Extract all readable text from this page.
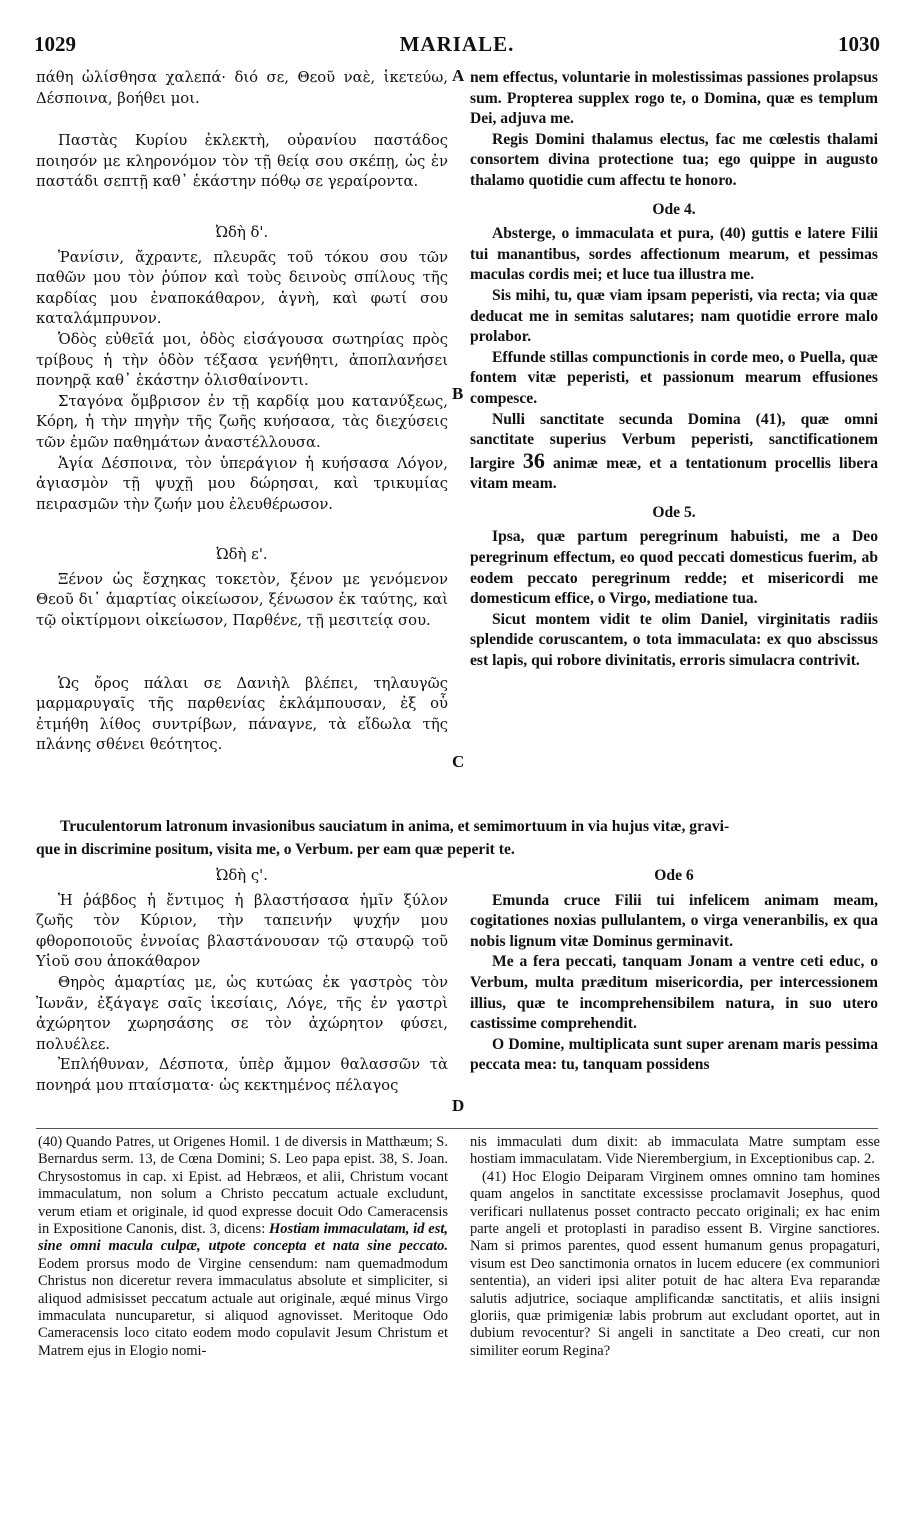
1029	MARIALE.	1030

πάθη ὠλίσθησα χαλεπά· διό σε, Θεοῦ ναὲ, ἱκετεύω, Δέσποινα, βοήθει μοι.

Παστὰς Κυρίου ἐκλεκτὴ, οὐρανίου παστάδος ποιησόν με κληρονόμον τὸν τῇ θείᾳ σου σκέπῃ, ὡς ἐν παστάδι σεπτῇ καθ᾽ ἑκάστην πόθῳ σε γεραίροντα.

Ὠδὴ δ'.

Ῥανίσιν, ἄχραντε, πλευρᾶς τοῦ τόκου σου τῶν παθῶν μου τὸν ῥύπον καὶ τοὺς δεινοὺς σπίλους τῆς καρδίας μου ἐναποκάθαρον, ἁγνὴ, καὶ φωτί σου καταλάμπρυνον.

Ὁδὸς εὐθεῖά μοι, ὁδὸς εἰσάγουσα σωτηρίας πρὸς τρίβους ἡ τὴν ὁδὸν τέξασα γενήθητι, ἀποπλανήσει πονηρᾷ καθ᾽ ἑκάστην ὀλισθαίνοντι.

Σταγόνα ὄμβρισον ἐν τῇ καρδίᾳ μου κατανύξεως, Κόρη, ἡ τὴν πηγὴν τῆς ζωῆς κυήσασα, τὰς διεχύσεις τῶν ἐμῶν παθημάτων ἀναστέλλουσα.

Ἁγία Δέσποινα, τὸν ὑπεράγιον ἡ κυήσασα Λόγον, ἁγιασμὸν τῇ ψυχῇ μου δώρησαι, καὶ τρικυμίας πειρασμῶν τὴν ζωήν μου ἐλευθέρωσον.

Ὠδὴ ε'.

Ξένον ὡς ἔσχηκας τοκετὸν, ξένον με γενόμενον Θεοῦ δι᾽ ἁμαρτίας οἰκείωσον, ξένωσον ἐκ ταύτης, καὶ τῷ οἰκτίρμονι οἰκείωσον, Παρθένε, τῇ μεσιτείᾳ σου.

Ὡς ὄρος πάλαι σε Δανιὴλ βλέπει, τηλαυγῶς μαρμαρυγαῖς τῆς παρθενίας ἐκλάμπουσαν, ἐξ οὗ ἐτμήθη λίθος συντρίβων, πάναγνε, τὰ εἴδωλα τῆς πλάνης σθένει θεότητος.

nem effectus, voluntarie in molestissimas passiones prolapsus sum. Propterea supplex rogo te, o Domina, quæ es templum Dei, adjuva me.

Regis Domini thalamus electus, fac me cœlestis thalami consortem divina protectione tua; ego quippe in augusto thalamo quotidie cum affectu te honoro.

Ode 4.

Absterge, o immaculata et pura, (40) guttis e latere Filii tui manantibus, sordes affectionum mearum, et pessimas maculas cordis mei; et luce tua illustra me.

Sis mihi, tu, quæ viam ipsam peperisti, via recta; via quæ deducat me in semitas salutares; nam quotidie errore malo prolabor.

Effunde stillas compunctionis in corde meo, o Puella, quæ fontem vitæ peperisti, et passionum mearum effusiones compesce.

Nulli sanctitate secunda Domina (41), quæ omni sanctitate superius Verbum peperisti, sanctificationem largire 36 animæ meæ, et a tentationum procellis libera vitam meam.

Ode 5.

Ipsa, quæ partum peregrinum habuisti, me a Deo peregrinum effectum, eo quod peccati domesticus fuerim, ab eodem peccato peregrinum redde; et misericordi me domesticum effice, o Virgo, mediatione tua.

Sicut montem vidit te olim Daniel, virginitatis radiis splendide coruscantem, o tota immaculata: ex quo abscissus est lapis, qui robore divinitatis, erroris simulacra contrivit.

Truculentorum latronum invasionibus sauciatum in anima, et semimortuum in via hujus vitæ, gravi-
que in discrimine positum, visita me, o Verbum. per eam quæ peperit te.

Ὠδὴ ς'.

Ἡ ῥάβδος ἡ ἔντιμος ἡ βλαστήσασα ἡμῖν ξύλον ζωῆς τὸν Κύριον, τὴν ταπεινήν ψυχήν μου φθοροποιοῦς ἐννοίας βλαστάνουσαν τῷ σταυρῷ τοῦ Υἱοῦ σου ἀποκάθαρον

Θηρὸς ἁμαρτίας με, ὡς κυτώας ἐκ γαστρὸς τὸν Ἰωνᾶν, ἐξάγαγε σαῖς ἱκεσίαις, Λόγε, τῆς ἐν γαστρὶ ἀχώρητον χωρησάσης σε τὸν ἀχώρητον φύσει, πολυέλεε.

Ἐπλήθυναν, Δέσποτα, ὑπὲρ ἄμμον θαλασσῶν τὰ πονηρά μου πταίσματα· ὡς κεκτημένος πέλαγος

Ode 6

Emunda cruce Filii tui infelicem animam meam, cogitationes noxias pullulantem, o virga veneranbilis, ex qua nobis lignum vitæ Dominus germinavit.

Me a fera peccati, tanquam Jonam a ventre ceti educ, o Verbum, multa præditum misericordia, per intercessionem illius, quæ te incomprehensibilem natura, in suo utero castissime comprehendit.

O Domine, multiplicata sunt super arenam maris pessima peccata mea: tu, tanquam possidens

A
B
C
D

(40) Quando Patres, ut Origenes Homil. 1 de diversis in Matthæum; S. Bernardus serm. 13, de Cœna Domini; S. Leo papa epist. 38, S. Joan. Chrysostomus in cap. xi Epist. ad Hebræos, et alii, Christum vocant immaculatum, non solum a Christo peccatum actuale excludunt, verum etiam et originale, id quod expresse docuit Odo Cameracensis in Expositione Canonis, dist. 3, dicens: Hostiam immaculatam, id est, sine omni macula culpæ, utpote concepta et nata sine peccato. Eodem prorsus modo de Virgine censendum: nam quemadmodum Christus non diceretur revera immaculatus absolute et simpliciter, si aliquod admisisset peccatum actuale aut originale, æqué minus Virgo immaculata nuncuparetur, si aliquod agnovisset. Meritoque Odo Cameracensis loco citato eodem modo copulavit Jesum Christum et Matrem ejus in Elogio nomi-

nis immaculati dum dixit: ab immaculata Matre sumptam esse hostiam immaculatam. Vide Nierembergium, in Exceptionibus cap. 2.

(41) Hoc Elogio Deiparam Virginem omnes omnino tam homines quam angelos in sanctitate excessisse proclamavit Josephus, quod verificari nullatenus posset contracto peccato originali; ex hac enim parte angeli et protoplasti in paradiso essent B. Virgine sanctiores. Nam si primos parentes, quod essent humanum genus propagaturi, visum est Deo sanctimonia ornatos in lucem educere (ex communiori sententia), an videri ipsi aliter potuit de hac altera Eva reparandæ salutis adjutrice, sociaque amplificandæ sanctitatis, et aliis insigni gloriis, quæ primigeniæ labis probrum aut excludant oportet, aut in dubium revocentur? Si angeli in sanctitate a Deo creati, cur non similiter eorum Regina?
